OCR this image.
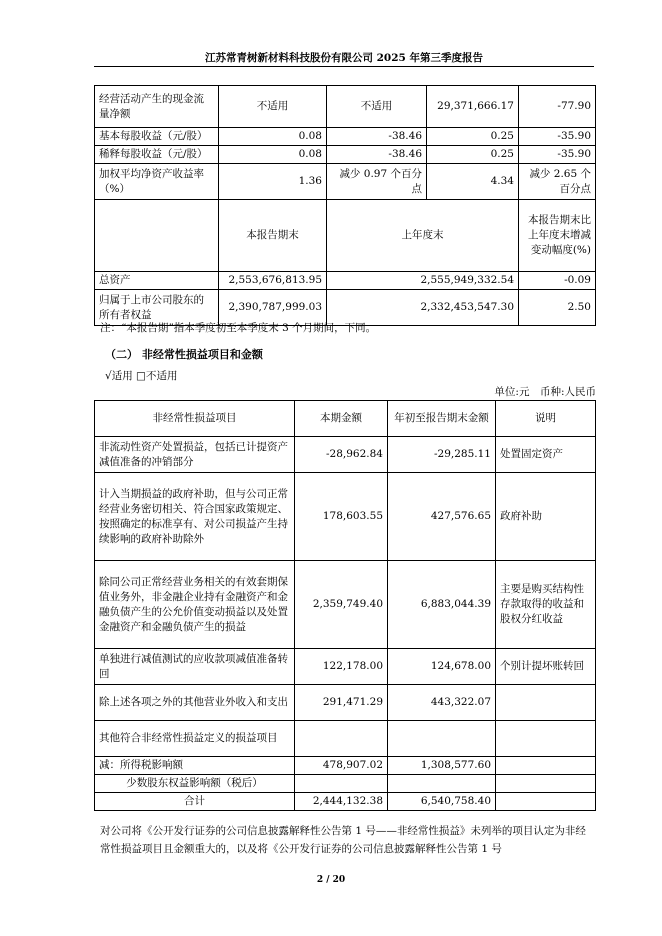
江苏常青树新材料科技股份有限公司 2025 年第三季度报告
经营活动产生的现金流量净额	不适用	不适用	29,371,666.17	-77.90
基本每股收益（元/股）	0.08	-38.46	0.25	-35.90
稀释每股收益（元/股）	0.08	-38.46	0.25	-35.90
加权平均净资产收益率（%）	1.36	减少 0.97 个百分点	4.34	减少 2.65 个百分点
	本报告期末	上年度末		本报告期末比上年度末增减变动幅度(%)
总资产	2,553,676,813.95	2,555,949,332.54		-0.09
归属于上市公司股东的所有者权益	2,390,787,999.03	2,332,453,547.30		2.50
注：“本报告期”指本季度初至本季度末 3 个月期间，下同。
（二） 非经常性损益项目和金额
√适用 □不适用
单位:元　币种:人民币
非经常性损益项目	本期金额	年初至报告期末金额	说明
非流动性资产处置损益，包括已计提资产减值准备的冲销部分	-28,962.84	-29,285.11	处置固定资产
计入当期损益的政府补助，但与公司正常经营业务密切相关、符合国家政策规定、按照确定的标准享有、对公司损益产生持续影响的政府补助除外	178,603.55	427,576.65	政府补助
除同公司正常经营业务相关的有效套期保值业务外，非金融企业持有金融资产和金融负债产生的公允价值变动损益以及处置金融资产和金融负债产生的损益	2,359,749.40	6,883,044.39	主要是购买结构性存款取得的收益和股权分红收益
单独进行减值测试的应收款项减值准备转回	122,178.00	124,678.00	个别计提坏账转回
除上述各项之外的其他营业外收入和支出	291,471.29	443,322.07	
其他符合非经常性损益定义的损益项目			
减：所得税影响额	478,907.02	1,308,577.60	
少数股东权益影响额（税后）			
合计	2,444,132.38	6,540,758.40	
对公司将《公开发行证券的公司信息披露解释性公告第 1 号——非经常性损益》未列举的项目认定为非经常性损益项目且金额重大的，以及将《公开发行证券的公司信息披露解释性公告第 1 号
2 / 20
